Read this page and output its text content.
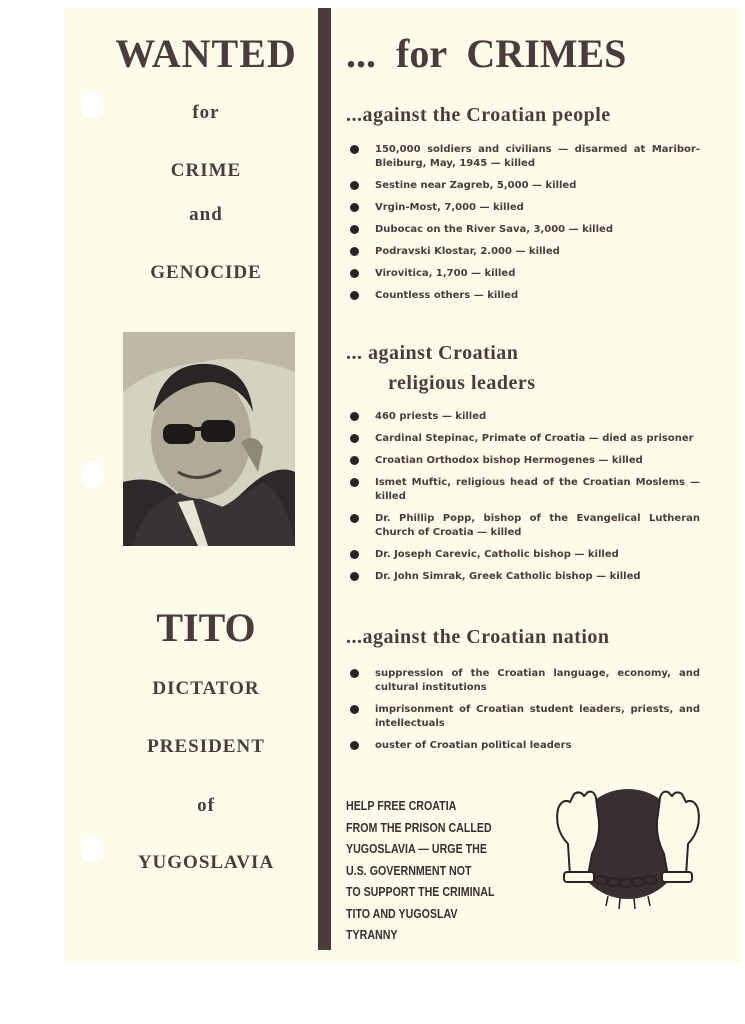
WANTED
for
CRIME
and
GENOCIDE
TITO
DICTATOR
PRESIDENT
of
YUGOSLAVIA
... for CRIMES
...against the Croatian people
150,000 soldiers and civilians — disarmed at Maribor-Bleiburg, May, 1945 — killed
Sestine near Zagreb, 5,000 — killed
Vrgin-Most, 7,000 — killed
Dubocac on the River Sava, 3,000 — killed
Podravski Klostar, 2.000 — killed
Virovitica, 1,700 — killed
Countless others — killed
... against Croatian
religious leaders
460 priests — killed
Cardinal Stepinac, Primate of Croatia — died as prisoner
Croatian Orthodox bishop Hermogenes — killed
Ismet Muftic, religious head of the Croatian Moslems — killed
Dr. Phillip Popp, bishop of the Evangelical Lutheran Church of Croatia — killed
Dr. Joseph Carevic, Catholic bishop — killed
Dr. John Simrak, Greek Catholic bishop — killed
...against the Croatian nation
suppression of the Croatian language, economy, and cultural institutions
imprisonment of Croatian student leaders, priests, and intellectuals
ouster of Croatian political leaders
HELP FREE CROATIA
FROM THE PRISON CALLED
YUGOSLAVIA — URGE THE
U.S. GOVERNMENT NOT
TO SUPPORT THE CRIMINAL
TITO AND YUGOSLAV TYRANNY
